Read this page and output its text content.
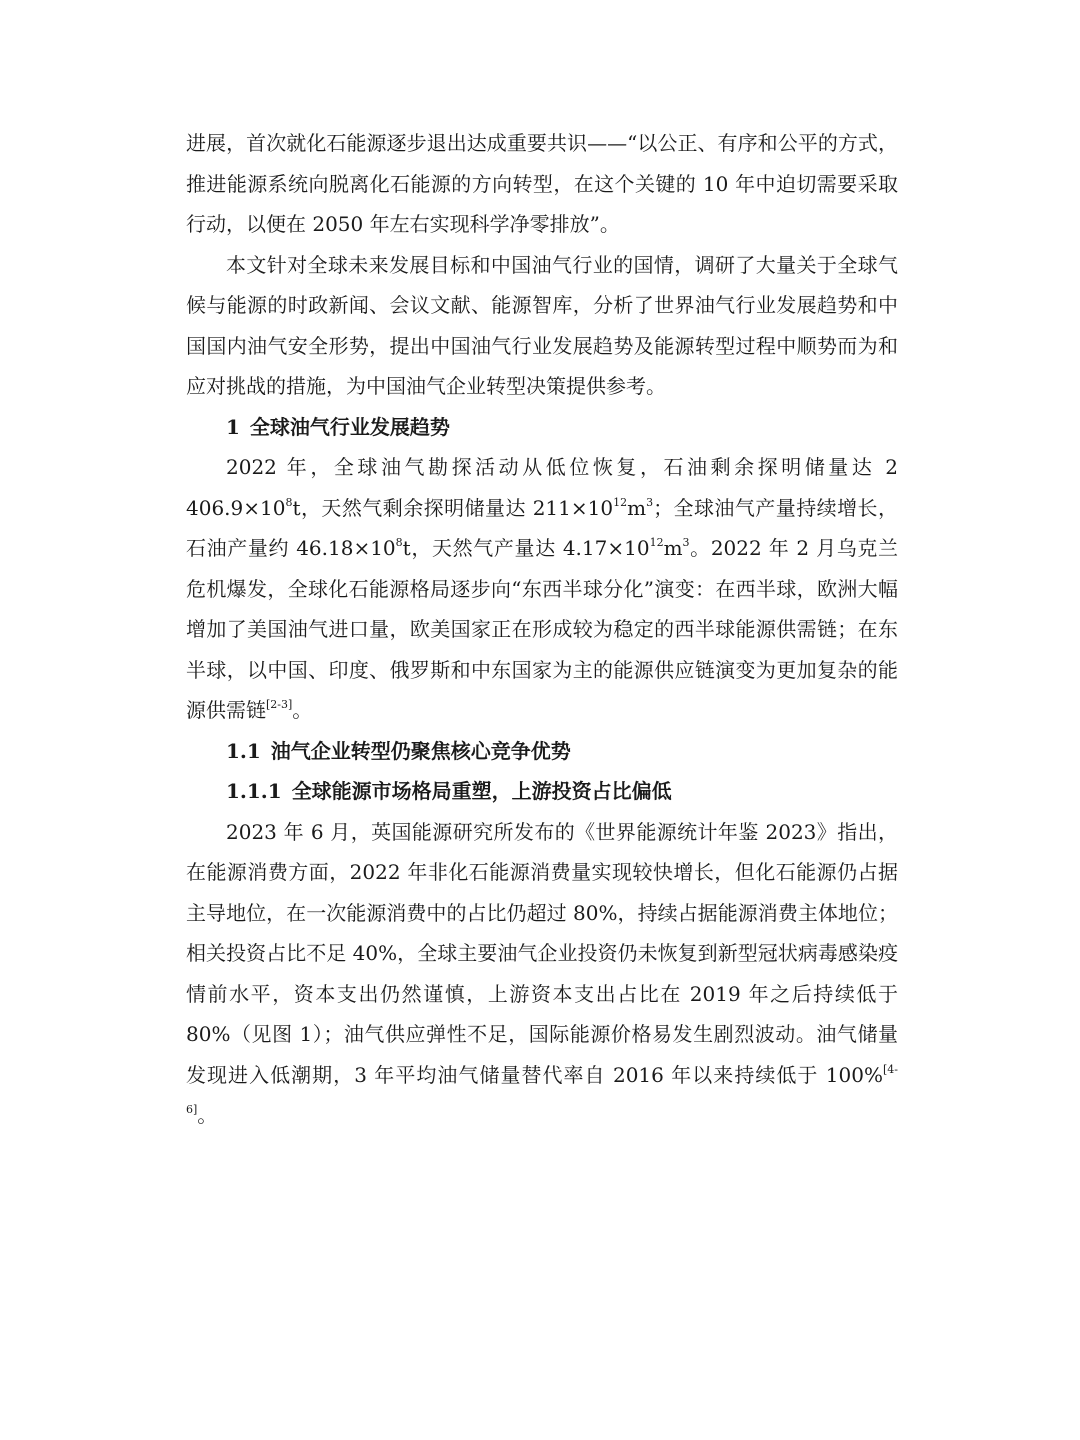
进展，首次就化石能源逐步退出达成重要共识——“以公正、有序和公平的方式，推进能源系统向脱离化石能源的方向转型，在这个关键的 10 年中迫切需要采取行动，以便在 2050 年左右实现科学净零排放”。

本文针对全球未来发展目标和中国油气行业的国情，调研了大量关于全球气候与能源的时政新闻、会议文献、能源智库，分析了世界油气行业发展趋势和中国国内油气安全形势，提出中国油气行业发展趋势及能源转型过程中顺势而为和应对挑战的措施，为中国油气企业转型决策提供参考。

1 全球油气行业发展趋势

2022 年，全球油气勘探活动从低位恢复，石油剩余探明储量达 2 $406.9\times 10^8t$，天然气剩余探明储量达 $211\times 10^{12}m^3$；全球油气产量持续增长，石油产量约 $46.18\times 10^8t$，天然气产量达 $4.17\times 10^{12}m^3$。2022 年 2 月乌克兰危机爆发，全球化石能源格局逐步向“东西半球分化”演变：在西半球，欧洲大幅增加了美国油气进口量，欧美国家正在形成较为稳定的西半球能源供需链；在东半球，以中国、印度、俄罗斯和中东国家为主的能源供应链演变为更加复杂的能源供需链[2-3]。

1.1 油气企业转型仍聚焦核心竞争优势
1.1.1 全球能源市场格局重塑，上游投资占比偏低

2023 年 6 月，英国能源研究所发布的《世界能源统计年鉴 2023》指出，在能源消费方面，2022 年非化石能源消费量实现较快增长，但化石能源仍占据主导地位，在一次能源消费中的占比仍超过 80%，持续占据能源消费主体地位；相关投资占比不足 40%，全球主要油气企业投资仍未恢复到新型冠状病毒感染疫情前水平，资本支出仍然谨慎，上游资本支出占比在 2019 年之后持续低于 80%（见图 1）；油气供应弹性不足，国际能源价格易发生剧烈波动。油气储量发现进入低潮期，3 年平均油气储量替代率自 2016 年以来持续低于 100%[4-6]。
